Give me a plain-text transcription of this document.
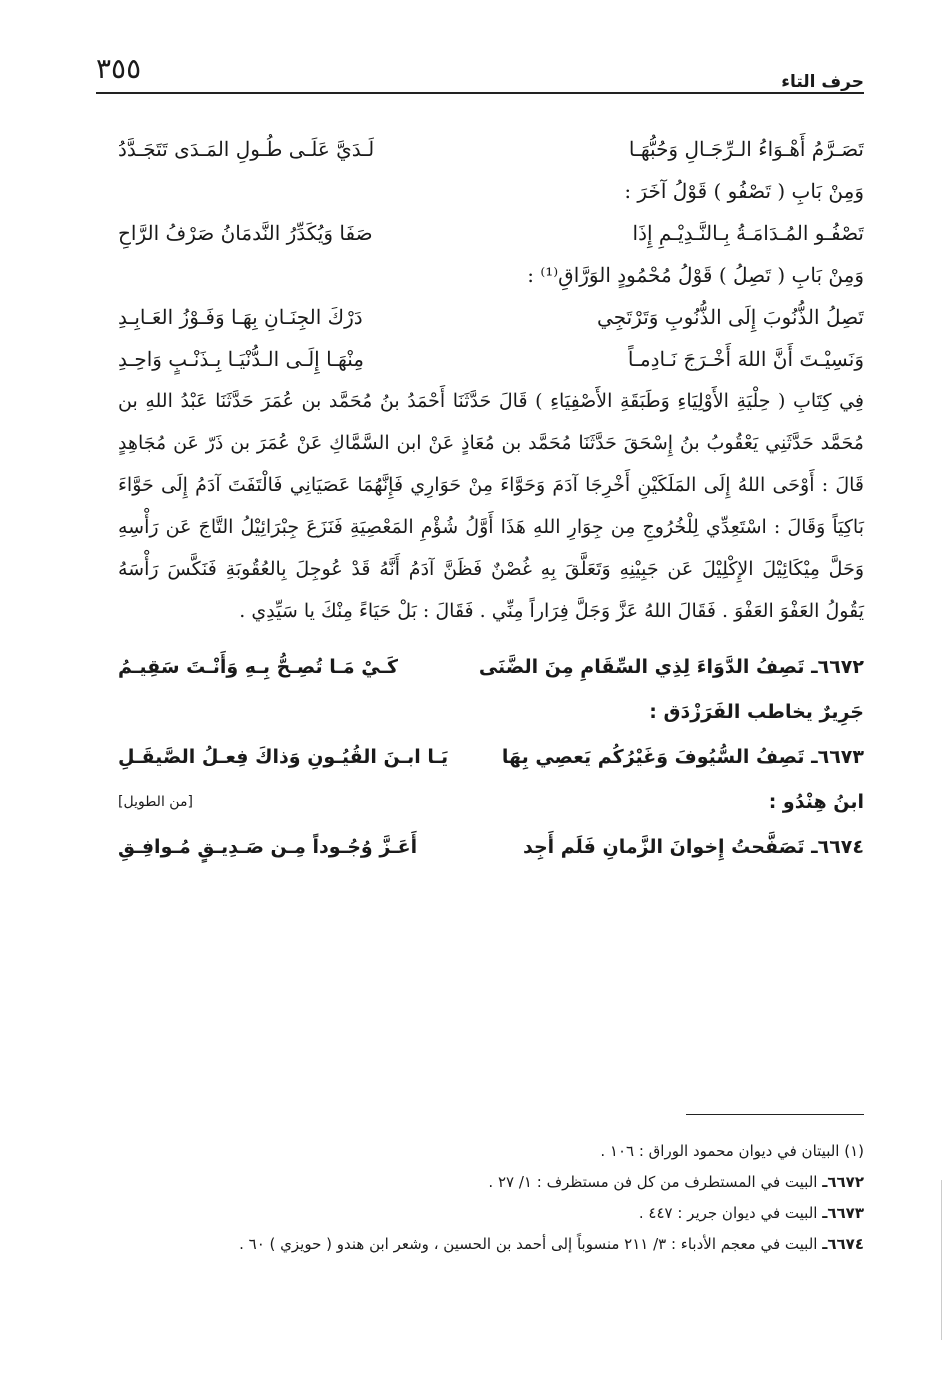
٣٥٥	حرف التاء
تَصَـرَّمُ أَهْـوَاءُ الـرِّجَـالِ وَحُبُّهَـا
لَـدَيَّ عَلَـى طُـولِ المَـدَى تَتَجَـدَّدُ
وَمِنْ بَابِ ( تَصْفُو ) قَوْلُ آخَرَ :
تَصْفُـو المُـدَامَـةُ بِـالنَّـدِيْـمِ إِذَا
صَفَا وَيُكَدِّرُ النَّدمَانُ صَرْفُ الرَّاحِ
وَمِنْ بَابِ ( تَصِلُ ) قَوْلُ مُحْمُودٍ الوَرَّاقِ⁽¹⁾ :
تَصِلُ الذُّنُوبَ إِلَى الذُّنُوبِ وَتَرْتَجِي
دَرْكَ الجِنَـانِ بِهَـا وَفَـوْزُ العَـابِـدِ
وَنَسِيْـتَ أَنَّ اللهَ أَخْـرَجَ نَـادِمـاً
مِنْهَـا إِلَـى الـدُّنْيَـا بِـذَنْـبٍ وَاحِـدِ

فِي كِتَابِ ( حِلْيَةِ الأَوْلِيَاءِ وَطَبَقَةِ الأَصْفِيَاءِ ) قَالَ حَدَّثَنَا أَحْمَدُ بنُ مُحَمَّد بن عُمَرَ حَدَّثَنَا عَبْدُ اللهِ بن مُحَمَّد حَدَّثَنِي يَعْقُوبُ بنُ إِسْحَقَ حَدَّثَنَا مُحَمَّد بن مُعَاذٍ عَنْ ابن السَّمَّاكِ عَنْ عُمَرَ بن ذَرّ عَن مُجَاهِدٍ قَالَ : أَوْحَى اللهُ إِلَى المَلَكَيْنِ أَخْرِجَا آدَمَ وَحَوَّاءَ مِنْ حَوَارِي فَإِنَّهُمَا عَصَيَانِي فَالْتَفَتَ آدَمُ إِلَى حَوَّاءَ بَاكِيَاً وَقَالَ : اسْتَعِدِّي لِلْخُرُوجِ مِن جِوَارِ اللهِ هَذَا أَوَّلُ شُؤْمِ المَعْصِيَةِ فَنَزَعَ جِبْرَائِيْلُ التَّاجَ عَن رَأْسِهِ وَحَلَّ مِيْكَائِيْلَ الإِكْلِيْلَ عَن جَبِيْنِهِ وَتَعَلَّقَ بِهِ غُصْنٌ فَظَنَّ آدَمُ أَنَّهُ قَدْ عُوجِلَ بِالعُقُوبَةِ فَنَكَّسَ رَأْسَهُ يَقُولُ العَفْوَ العَفْوَ . فَقَالَ اللهُ عَزَّ وَجَلَّ فِرَاراً مِنِّي . فَقَالَ : بَلْ حَيَاءً مِنْكَ يا سَيِّدِي .

٦٦٧٢ـ تَصِفُ الدَّوَاءَ لِذِي السِّقَامِ مِنَ الضَّنَى
كَـيْ مَـا تُصِـحُّ بِـهِ وَأَنْـتَ سَقِيـمُ
جَرِيرٌ يخاطب الفَرَزْدَق :
٦٦٧٣ـ تَصِفُ السُّيُوفَ وَغَيْرُكُم يَعصِي بِهَا
يَـا ابـنَ القُيُـونِ وَذاكَ فِعـلُ الصَّيقَـلِ
ابنُ هِنْدُو :
[من الطويل]
٦٦٧٤ـ تَصَفَّحتُ إِخوانَ الزَّمانِ فَلَم أَجِد
أَعَـزَّ وُجُـوداً مِـن صَـدِيـقٍ مُـوافِـقِ

(١) البيتان في ديوان محمود الوراق : ١٠٦ .

٦٦٧٢ـ البيت في المستطرف من كل فن مستظرف : ١/ ٢٧ .

٦٦٧٣ـ البيت في ديوان جرير : ٤٤٧ .

٦٦٧٤ـ البيت في معجم الأدباء : ٣/ ٢١١ منسوباً إلى أحمد بن الحسين ، وشعر ابن هندو ( حويزي ) ٦٠ .
